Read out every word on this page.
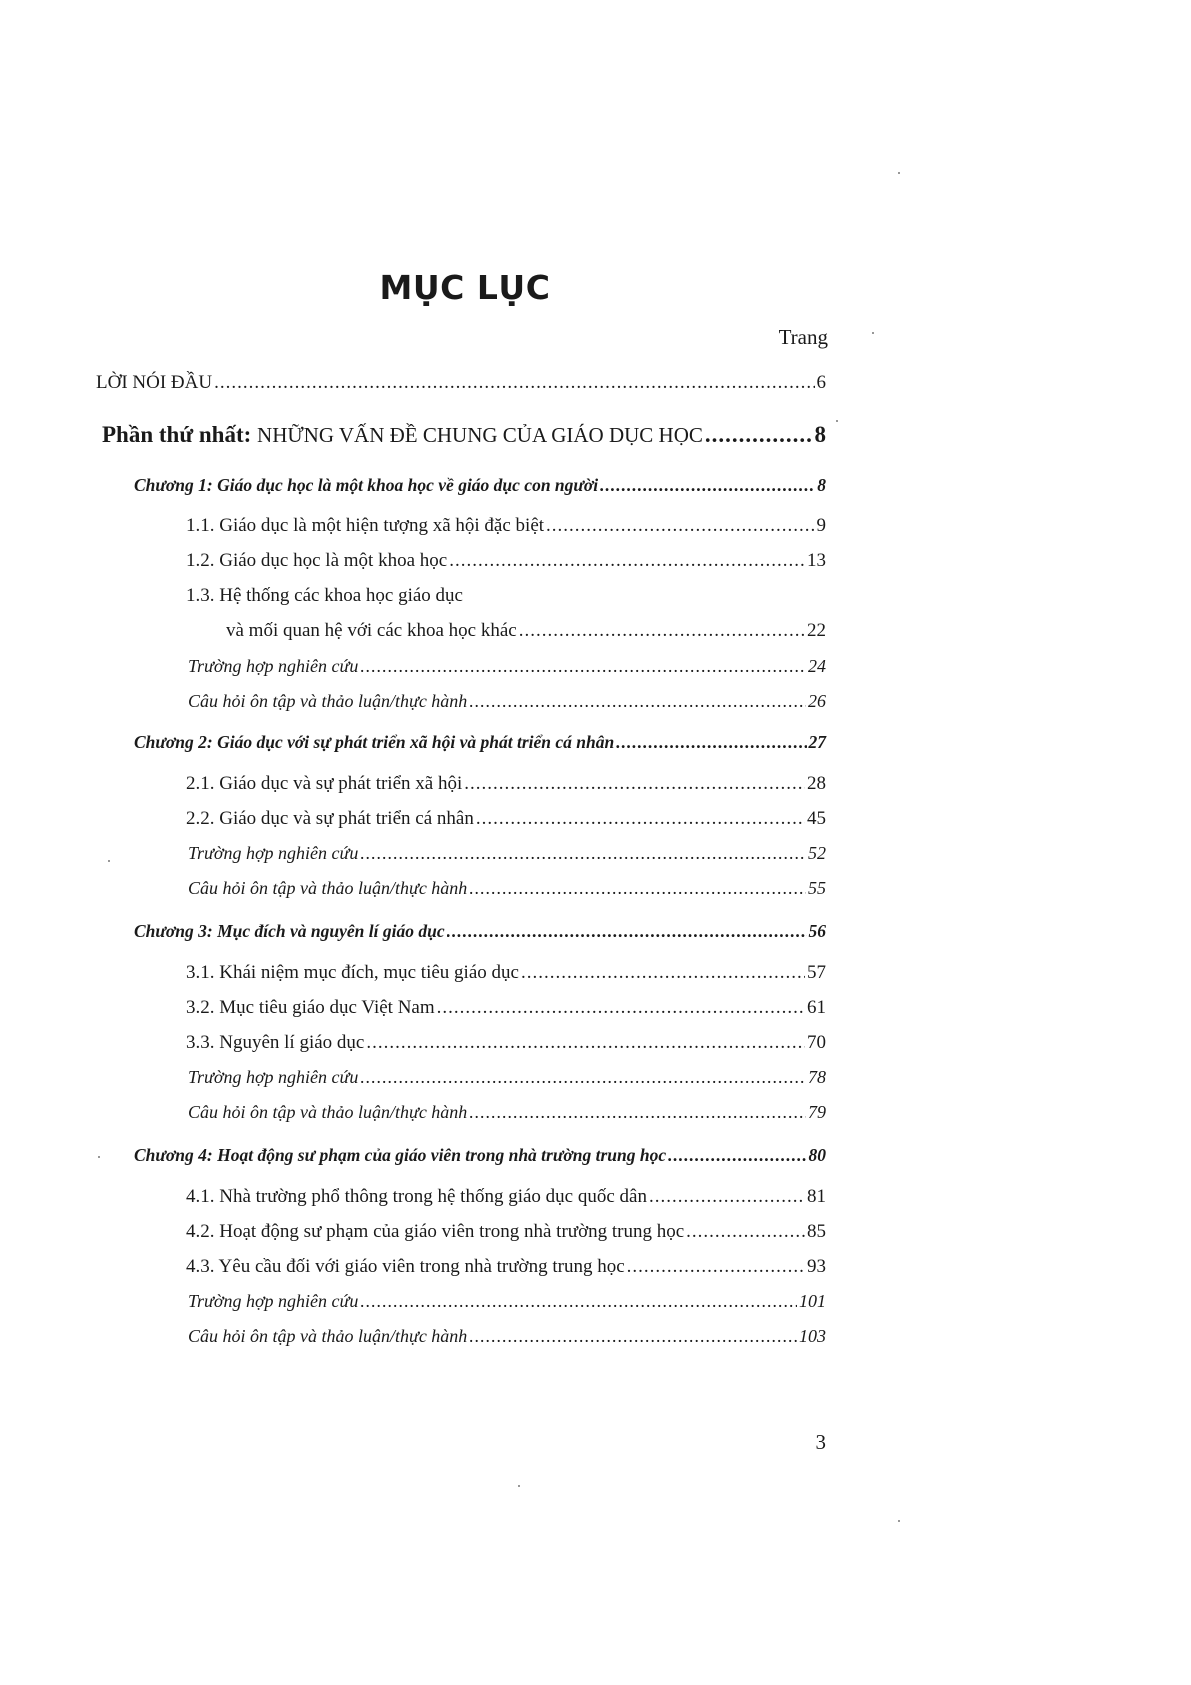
MỤC LỤC
Trang
LỜI NÓI ĐẦU .....	6
Phần thứ nhất: NHỮNG VẤN ĐỀ CHUNG CỦA GIÁO DỤC HỌC .....	8
Chương 1: Giáo dục học là một khoa học về giáo dục con người .....	8
1.1. Giáo dục là một hiện tượng xã hội đặc biệt .....	9
1.2. Giáo dục học là một khoa học .....	13
1.3. Hệ thống các khoa học giáo dục
và mối quan hệ với các khoa học khác .....	22
Trường hợp nghiên cứu .....	24
Câu hỏi ôn tập và thảo luận/thực hành .....	26
Chương 2: Giáo dục với sự phát triển xã hội và phát triển cá nhân .....	27
2.1. Giáo dục và sự phát triển xã hội .....	28
2.2. Giáo dục và sự phát triển cá nhân .....	45
Trường hợp nghiên cứu .....	52
Câu hỏi ôn tập và thảo luận/thực hành .....	55
Chương 3: Mục đích và nguyên lí giáo dục .....	56
3.1. Khái niệm mục đích, mục tiêu giáo dục .....	57
3.2. Mục tiêu giáo dục Việt Nam .....	61
3.3. Nguyên lí giáo dục .....	70
Trường hợp nghiên cứu .....	78
Câu hỏi ôn tập và thảo luận/thực hành .....	79
Chương 4: Hoạt động sư phạm của giáo viên trong nhà trường trung học .....	80
4.1. Nhà trường phổ thông trong hệ thống giáo dục quốc dân .....	81
4.2. Hoạt động sư phạm của giáo viên trong nhà trường trung học .....	85
4.3. Yêu cầu đối với giáo viên trong nhà trường trung học .....	93
Trường hợp nghiên cứu .....	101
Câu hỏi ôn tập và thảo luận/thực hành .....	103
3
